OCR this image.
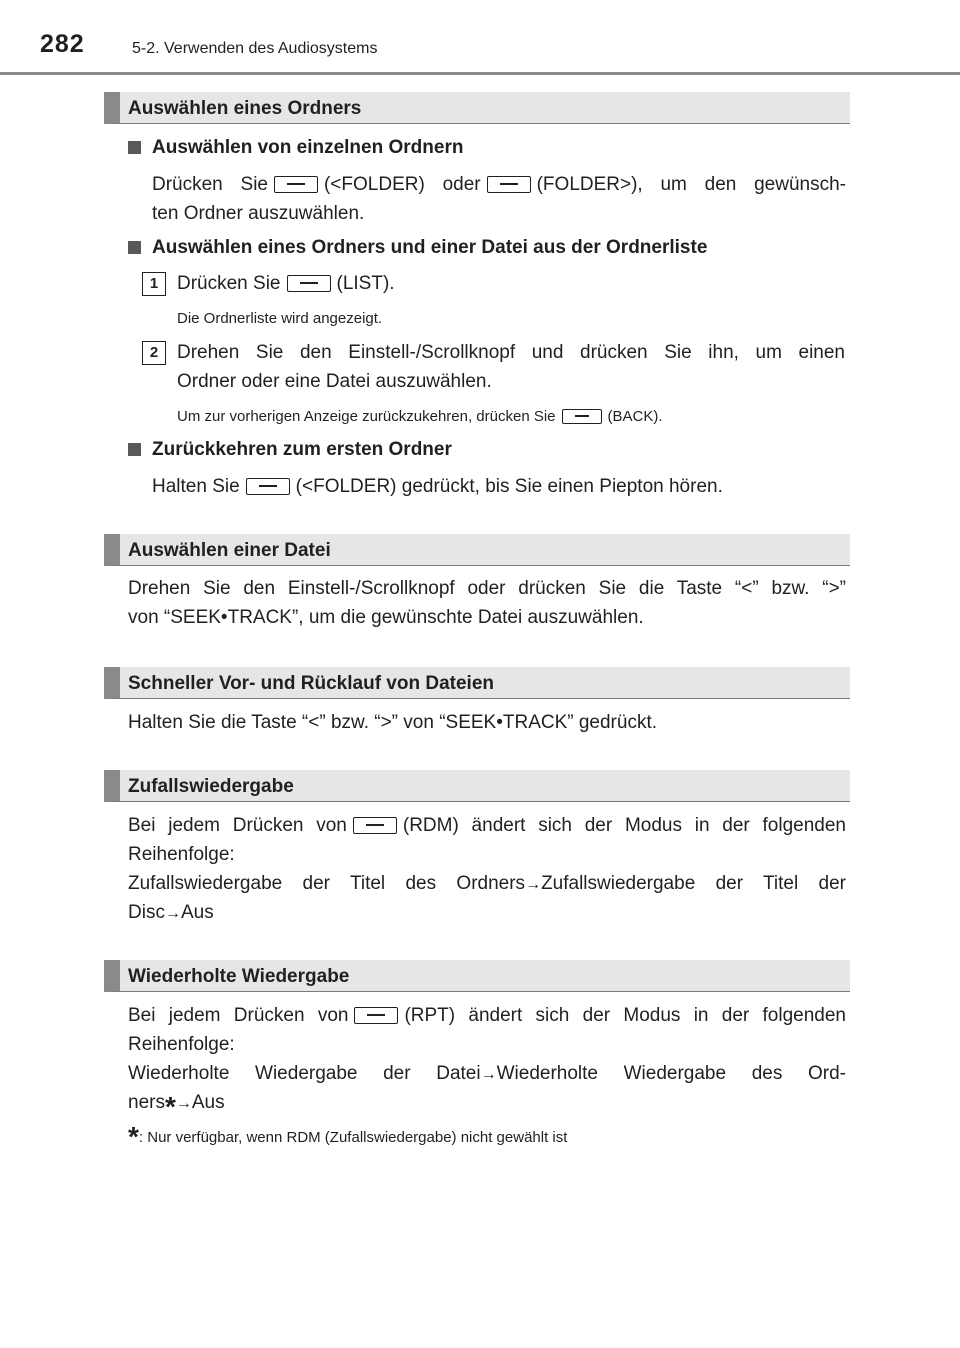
282	5-2. Verwenden des Audiosystems
Auswählen eines Ordners
Auswählen von einzelnen Ordnern
Drücken Sie	(<FOLDER) oder	(FOLDER>), um den gewünsch-
ten Ordner auszuwählen.
Auswählen eines Ordners und einer Datei aus der Ordnerliste
1 Drücken Sie	(LIST).
Die Ordnerliste wird angezeigt.
2 Drehen Sie den Einstell-/Scrollknopf und drücken Sie ihn, um einen
Ordner oder eine Datei auszuwählen.
Um zur vorherigen Anzeige zurückzukehren, drücken Sie	(BACK).
Zurückkehren zum ersten Ordner
Halten Sie	(<FOLDER) gedrückt, bis Sie einen Piepton hören.
Auswählen einer Datei
Drehen Sie den Einstell-/Scrollknopf oder drücken Sie die Taste “<” bzw. “>”
von “SEEK•TRACK”, um die gewünschte Datei auszuwählen.
Schneller Vor- und Rücklauf von Dateien
Halten Sie die Taste “<” bzw. “>” von “SEEK•TRACK” gedrückt.
Zufallswiedergabe
Bei jedem Drücken von	(RDM) ändert sich der Modus in der folgenden
Reihenfolge:
Zufallswiedergabe der Titel des Ordners→Zufallswiedergabe der Titel der
Disc→Aus
Wiederholte Wiedergabe
Bei jedem Drücken von	(RPT) ändert sich der Modus in der folgenden
Reihenfolge:
Wiederholte Wiedergabe der Datei→Wiederholte Wiedergabe des Ord-
ners*→Aus
*: Nur verfügbar, wenn RDM (Zufallswiedergabe) nicht gewählt ist
